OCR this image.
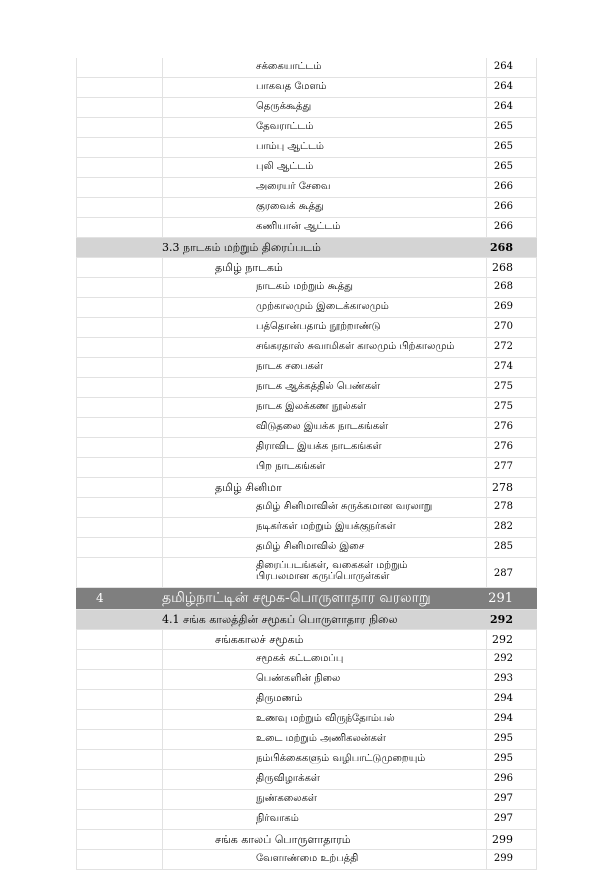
சக்கையாட்டம்	264
பாகவத மேளம்	264
தெருக்கூத்து	264
தேவராட்டம்	265
பாம்பு ஆட்டம்	265
புலி ஆட்டம்	265
அரையர் சேவை	266
குரவைக் கூத்து	266
கணியான் ஆட்டம்	266
3.3 நாடகம் மற்றும் திரைப்படம்	268
தமிழ் நாடகம்	268
நாடகம் மற்றும் கூத்து	268
முற்காலமும் இடைக்காலமும்	269
பத்தொன்பதாம் நூற்றாண்டு	270
சங்கரதாஸ் சுவாமிகள் காலமும் பிற்காலமும்	272
நாடக சபைகள்	274
நாடக ஆக்கத்தில் பெண்கள்	275
நாடக இலக்கண நூல்கள்	275
விடுதலை இயக்க நாடகங்கள்	276
திராவிட இயக்க நாடகங்கள்	276
பிற நாடகங்கள்	277
தமிழ் சினிமா	278
தமிழ் சினிமாவின் சுருக்கமான வரலாறு	278
நடிகர்கள் மற்றும் இயக்குநர்கள்	282
தமிழ் சினிமாவில் இசை	285
திரைப்படங்கள், வகைகள் மற்றும் பிரபலமான கருப்பொருள்கள்	287
4	தமிழ்நாட்டின் சமூக-பொருளாதார வரலாறு	291
4.1 சங்க காலத்தின் சமூகப் பொருளாதார நிலை	292
சங்ககாலச் சமூகம்	292
சமூகக் கட்டமைப்பு	292
பெண்களின் நிலை	293
திருமணம்	294
உணவு மற்றும் விருந்தோம்பல்	294
உடை மற்றும் அணிகலன்கள்	295
நம்பிக்கைகளும் வழிபாட்டுமுறையும்	295
திருவிழாக்கள்	296
நுண்கலைகள்	297
நிர்வாகம்	297
சங்க காலப் பொருளாதாரம்	299
வேளாண்மை உற்பத்தி	299
